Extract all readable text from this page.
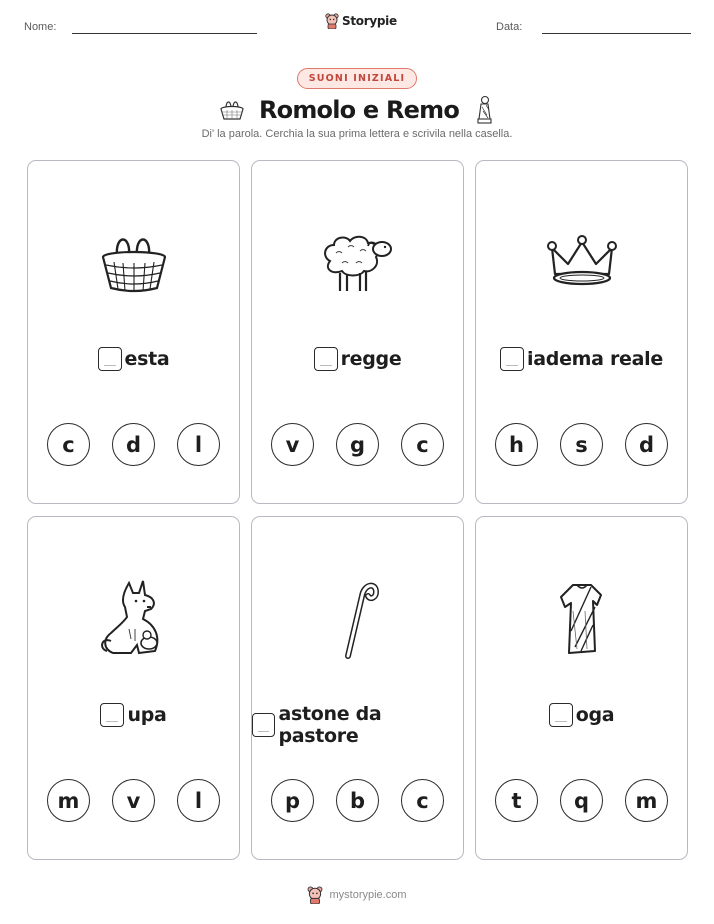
Nome:	Storypie	Data:
SUONI INIZIALI
Romolo e Remo
Di' la parola. Cerchia la sua prima lettera e scrivila nella casella.
esta
c	d	l
regge
v	g	c
iadema reale
h	s	d
upa
m	v	l
astone da pastore
p	b	c
oga
t	q	m
mystorypie.com
